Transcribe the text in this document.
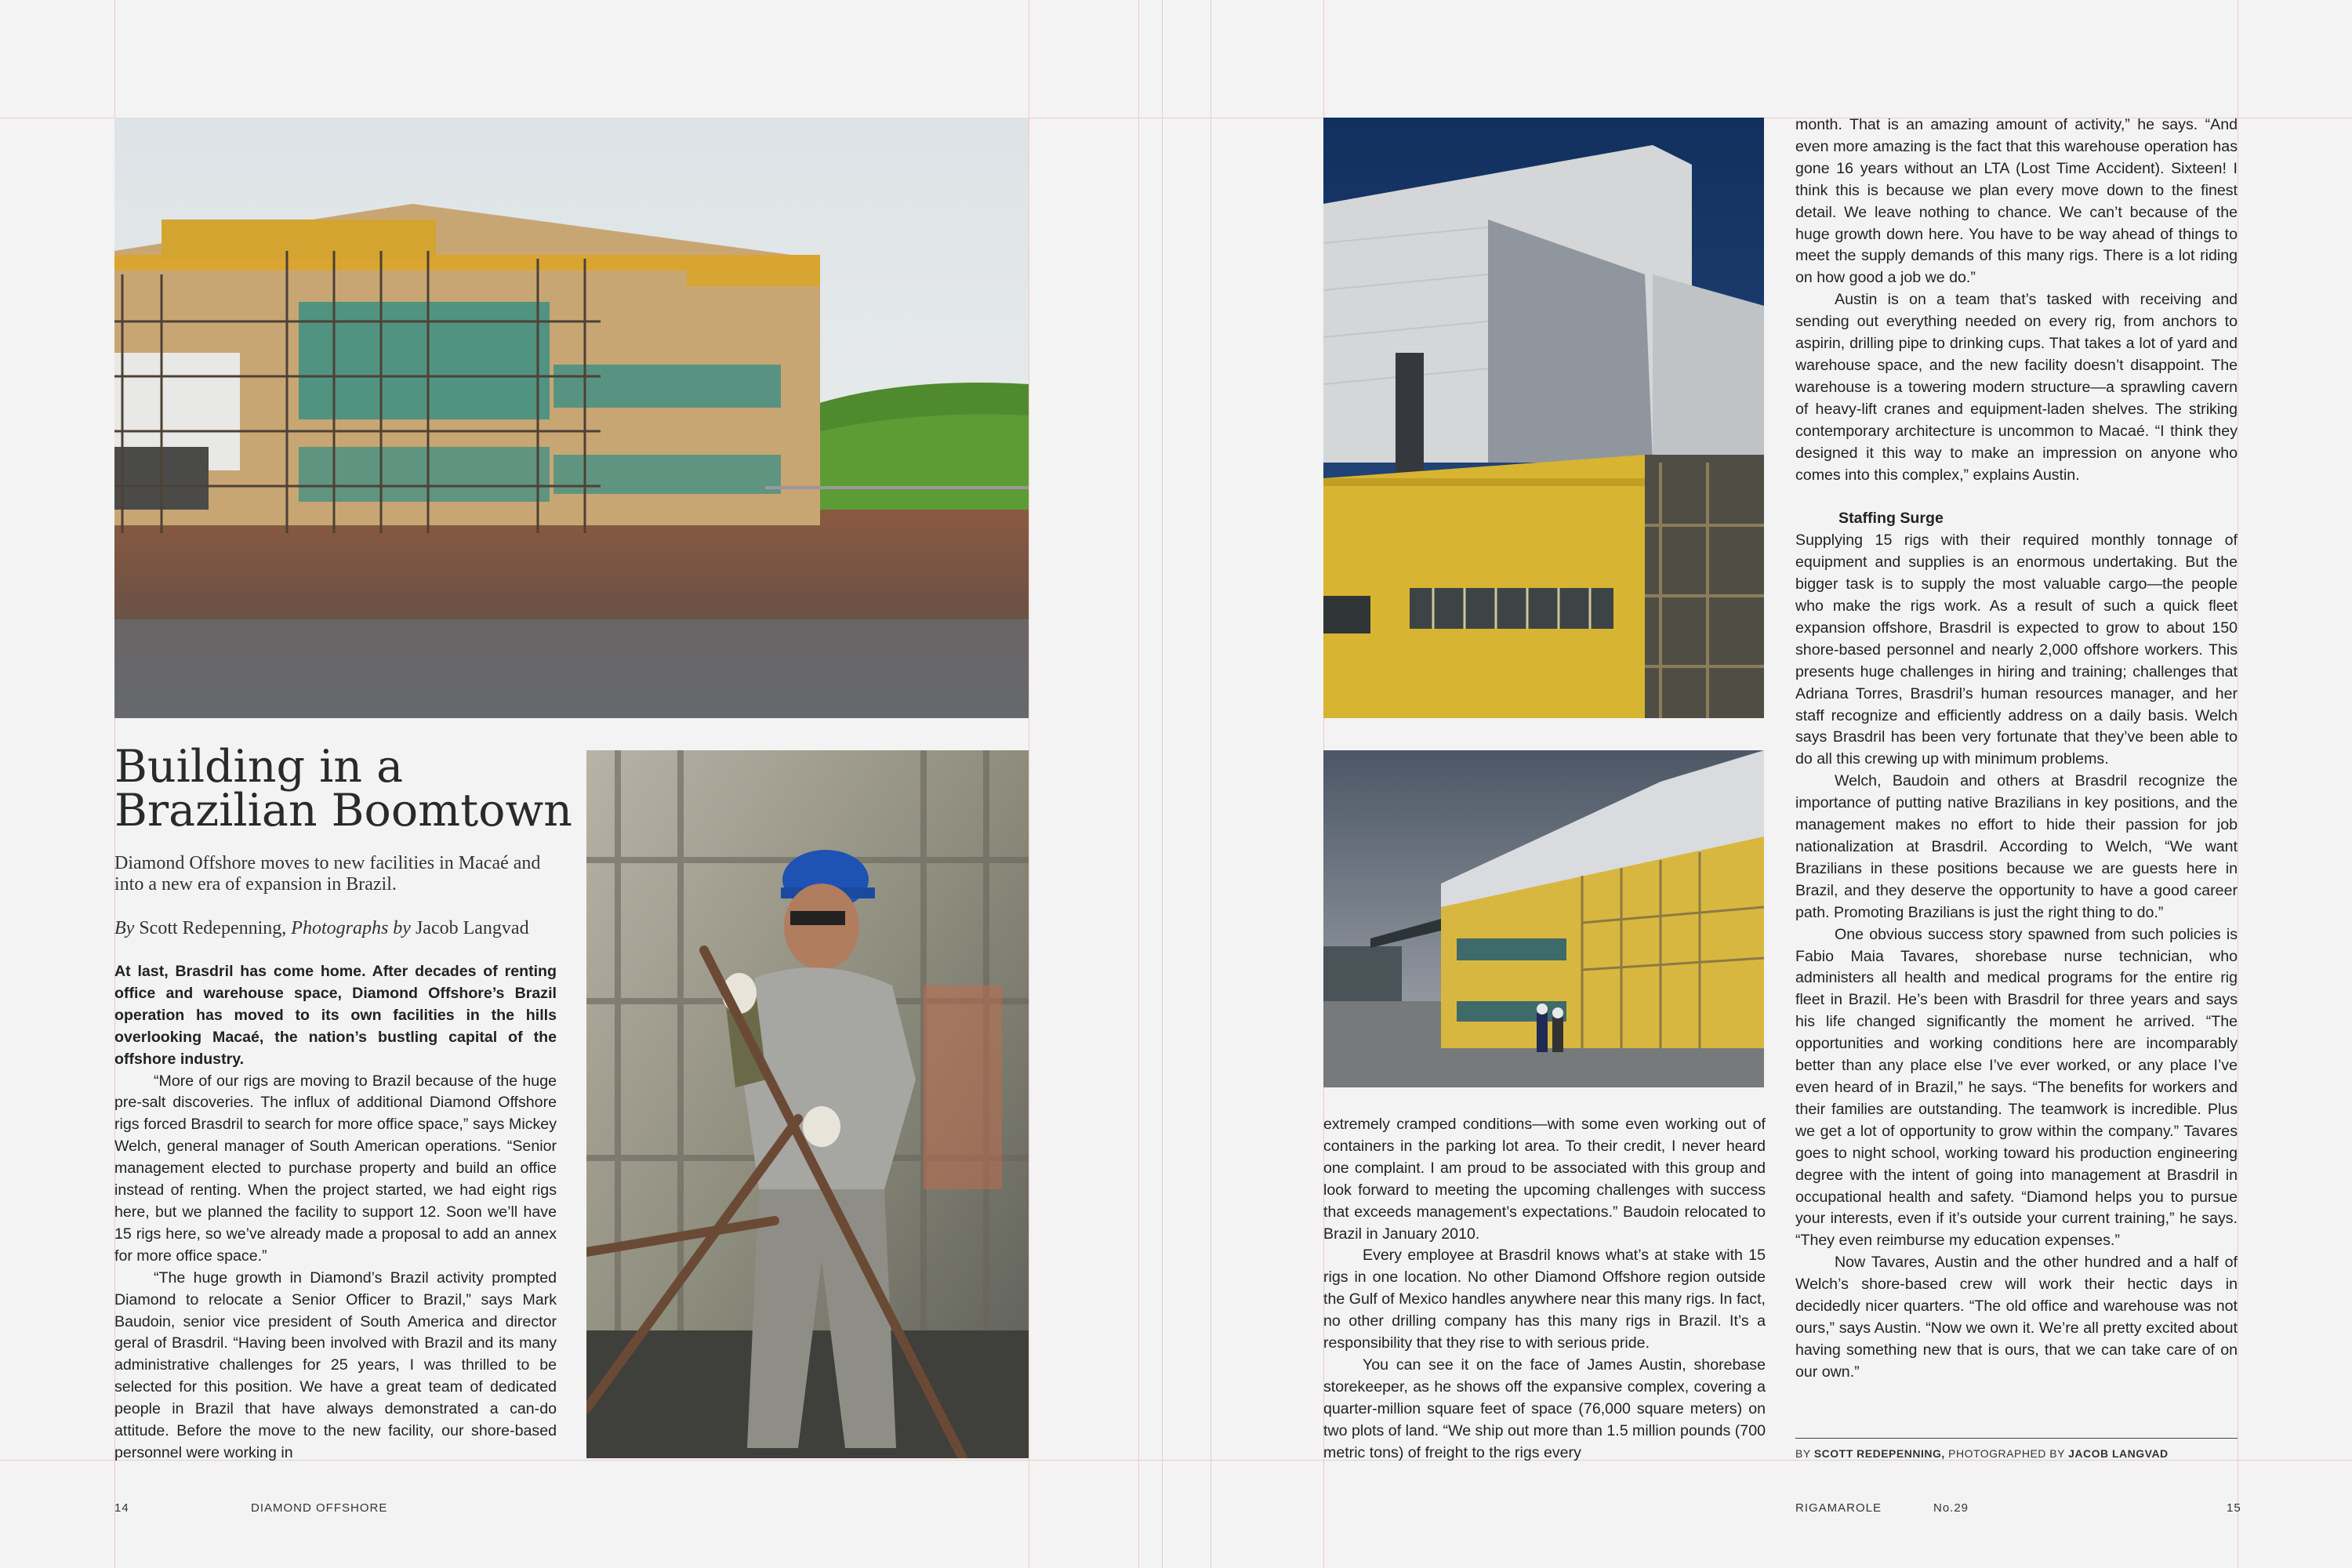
Building in a
Brazilian Boomtown
Diamond Offshore moves to new facilities in Macaé and into a new era of expansion in Brazil.
By Scott Redepenning, Photographs by Jacob Langvad

At last, Brasdril has come home. After decades of renting office and warehouse space, Diamond Offshore’s Brazil operation has moved to its own facilities in the hills overlooking Macaé, the nation’s bustling capital of the offshore industry.

“More of our rigs are moving to Brazil because of the huge pre-salt discoveries. The influx of additional Diamond Offshore rigs forced Brasdril to search for more office space,” says Mickey Welch, general manager of South American operations. “Senior management elected to purchase property and build an office instead of renting. When the project started, we had eight rigs here, but we planned the facility to support 12. Soon we’ll have 15 rigs here, so we’ve already made a proposal to add an annex for more office space.”

“The huge growth in Diamond’s Brazil activity prompted Diamond to relocate a Senior Officer to Brazil,” says Mark Baudoin, senior vice president of South America and director geral of Brasdril. “Having been involved with Brazil and its many administrative challenges for 25 years, I was thrilled to be selected for this position. We have a great team of dedicated people in Brazil that have always demonstrated a can-do attitude. Before the move to the new facility, our shore-based personnel were working in

extremely cramped conditions—with some even working out of containers in the parking lot area. To their credit, I never heard one complaint. I am proud to be associated with this group and look forward to meeting the upcoming challenges with success that exceeds management’s expectations.” Baudoin relocated to Brazil in January 2010.

Every employee at Brasdril knows what’s at stake with 15 rigs in one location. No other Diamond Offshore region outside the Gulf of Mexico handles anywhere near this many rigs. In fact, no other drilling company has this many rigs in Brazil. It’s a responsibility that they rise to with serious pride.

You can see it on the face of James Austin, shorebase storekeeper, as he shows off the expansive complex, covering a quarter-million square feet of space (76,000 square meters) on two plots of land. “We ship out more than 1.5 million pounds (700 metric tons) of freight to the rigs every

month. That is an amazing amount of activity,” he says. “And even more amazing is the fact that this warehouse operation has gone 16 years without an LTA (Lost Time Accident). Sixteen! I think this is because we plan every move down to the finest detail. We leave nothing to chance. We can’t because of the huge growth down here. You have to be way ahead of things to meet the supply demands of this many rigs. There is a lot riding on how good a job we do.”

Austin is on a team that’s tasked with receiving and sending out everything needed on every rig, from anchors to aspirin, drilling pipe to drinking cups. That takes a lot of yard and warehouse space, and the new facility doesn’t disappoint. The warehouse is a towering modern structure—a sprawling cavern of heavy-lift cranes and equipment-laden shelves. The striking contemporary architecture is uncommon to Macaé. “I think they designed it this way to make an impression on anyone who comes into this complex,” explains Austin.

Staffing Surge

Supplying 15 rigs with their required monthly tonnage of equipment and supplies is an enormous undertaking. But the bigger task is to supply the most valuable cargo—the people who make the rigs work. As a result of such a quick fleet expansion offshore, Brasdril is expected to grow to about 150 shore-based personnel and nearly 2,000 offshore workers. This presents huge challenges in hiring and training; challenges that Adriana Torres, Brasdril’s human resources manager, and her staff recognize and efficiently address on a daily basis. Welch says Brasdril has been very fortunate that they’ve been able to do all this crewing up with minimum problems.

Welch, Baudoin and others at Brasdril recognize the importance of putting native Brazilians in key positions, and the management makes no effort to hide their passion for job nationalization at Brasdril. According to Welch, “We want Brazilians in these positions because we are guests here in Brazil, and they deserve the opportunity to have a good career path. Promoting Brazilians is just the right thing to do.”

One obvious success story spawned from such policies is Fabio Maia Tavares, shorebase nurse technician, who administers all health and medical programs for the entire rig fleet in Brazil. He’s been with Brasdril for three years and says his life changed significantly the moment he arrived. “The opportunities and working conditions here are incomparably better than any place else I’ve ever worked, or any place I’ve even heard of in Brazil,” he says. “The benefits for workers and their families are outstanding. The teamwork is incredible. Plus we get a lot of opportunity to grow within the company.” Tavares goes to night school, working toward his production engineering degree with the intent of going into management at Brasdril in occupational health and safety. “Diamond helps you to pursue your interests, even if it’s outside your current training,” he says. “They even reimburse my education expenses.”

Now Tavares, Austin and the other hundred and a half of Welch’s shore-based crew will work their hectic days in decidedly nicer quarters. “The old office and warehouse was not ours,” says Austin. “Now we own it. We’re all pretty excited about having something new that is ours, that we can take care of on our own.”

BY SCOTT REDEPENNING, PHOTOGRAPHED BY JACOB LANGVAD
14	DIAMOND OFFSHORE	RIGAMAROLE	No.29	15
